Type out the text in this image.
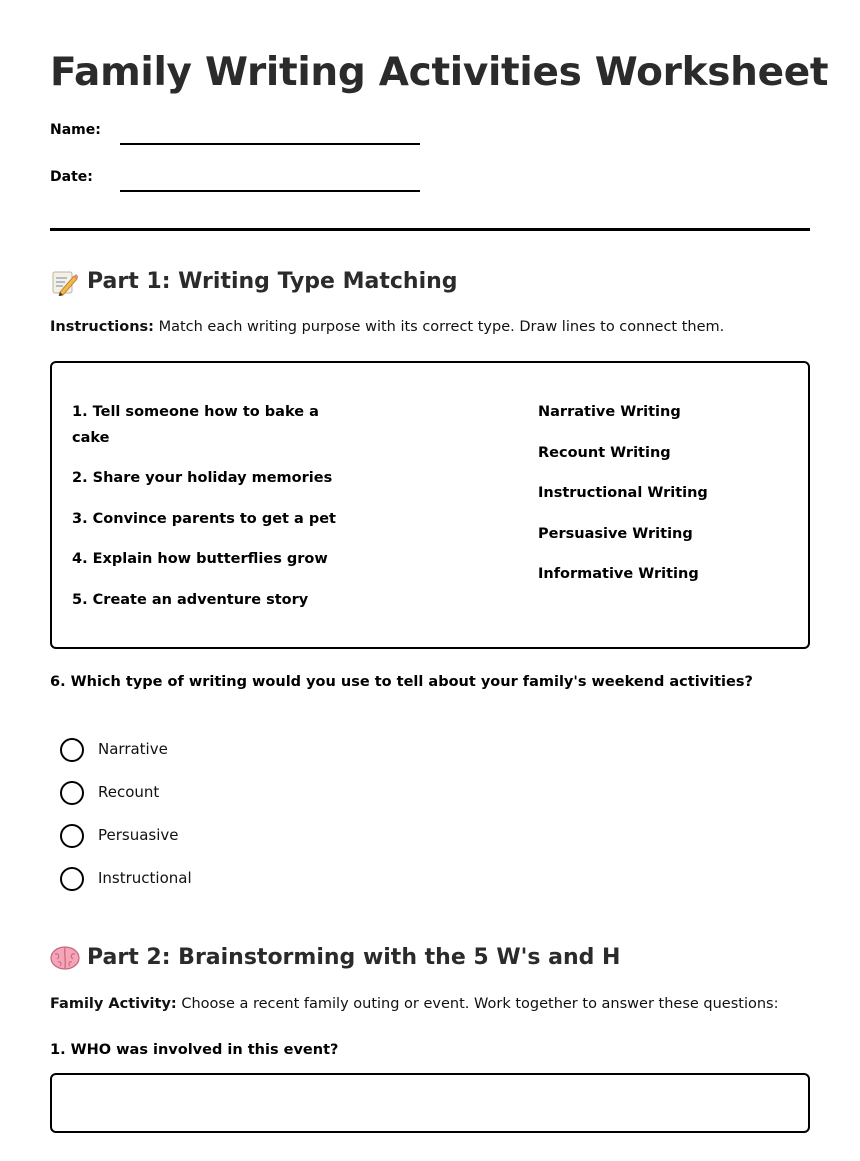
Family Writing Activities Worksheet
Name:
Date:
Part 1: Writing Type Matching
Instructions: Match each writing purpose with its correct type. Draw lines to connect them.
1. Tell someone how to bake a cake
2. Share your holiday memories
3. Convince parents to get a pet
4. Explain how butterflies grow
5. Create an adventure story
Narrative Writing
Recount Writing
Instructional Writing
Persuasive Writing
Informative Writing
6. Which type of writing would you use to tell about your family's weekend activities?
Narrative
Recount
Persuasive
Instructional
Part 2: Brainstorming with the 5 W's and H
Family Activity: Choose a recent family outing or event. Work together to answer these questions:
1. WHO was involved in this event?
